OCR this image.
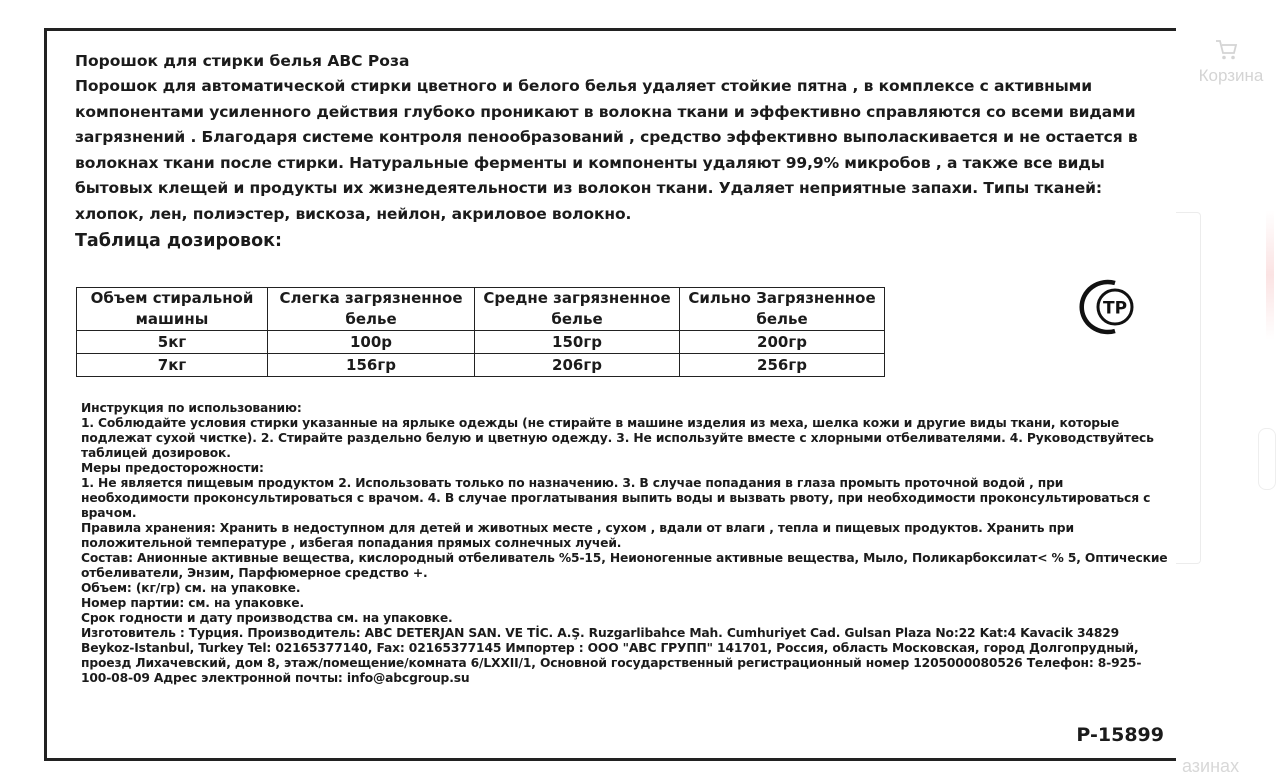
Корзина
азинах
Порошок для стирки белья ABC Роза
Порошок для автоматической стирки цветного и белого белья удаляет стойкие пятна , в комплексе с активными компонентами усиленного действия глубоко проникают в волокна ткани и эффективно справляются со всеми видами загрязнений . Благодаря системе контроля пенообразований , средство эффективно выполаскивается и не остается в волокнах ткани после стирки. Натуральные ферменты и компоненты удаляют 99,9% микробов , а также все виды бытовых клещей и продукты их жизнедеятельности из волокон ткани. Удаляет неприятные запахи. Типы тканей: хлопок, лен, полиэстер, вискоза, нейлон, акриловое волокно.
Таблица дозировок:
Объем стиральной машины	Слегка загрязненное белье	Средне загрязненное белье	Сильно Загрязненное белье
5кг	100р	150гр	200гр
7кг	156гр	206гр	256гр
ТР
Инструкция по использованию:
1. Соблюдайте условия стирки указанные на ярлыке одежды (не стирайте в машине изделия из меха, шелка кожи и другие виды ткани, которые подлежат сухой чистке). 2. Стирайте раздельно белую и цветную одежду. 3. Не используйте вместе с хлорными отбеливателями. 4. Руководствуйтесь таблицей дозировок.
Меры предосторожности:
1. Не является пищевым продуктом 2. Использовать только по назначению. 3. В случае попадания в глаза промыть проточной водой , при необходимости проконсультироваться с врачом. 4. В случае проглатывания выпить воды и вызвать рвоту, при необходимости проконсультироваться с врачом.
Правила хранения: Хранить в недоступном для детей и животных месте , сухом , вдали от влаги , тепла и пищевых продуктов. Хранить при положительной температуре , избегая попадания прямых солнечных лучей.
Состав: Анионные активные вещества, кислородный отбеливатель %5-15, Неионогенные активные вещества, Мыло, Поликарбоксилат< % 5, Оптические отбеливатели, Энзим, Парфюмерное средство +.
Объем: (кг/гр) см. на упаковке.
Номер партии: см. на упаковке.
Срок годности и дату производства см. на упаковке.
Изготовитель : Турция. Производитель: ABC DETERJAN SAN. VE TİC. A.Ş. Ruzgarlibahce Mah. Cumhuriyet Cad. Gulsan Plaza No:22 Kat:4 Kavacik 34829 Beykoz-Istanbul, Turkey Tel: 02165377140, Fax: 02165377145 Импортер : ООО "АВС ГРУПП" 141701, Россия, область Московская, город Долгопрудный, проезд Лихачевский, дом 8, этаж/помещение/комната 6/LXXII/1, Основной государственный регистрационный номер 1205000080526 Телефон: 8-925-100-08-09 Адрес электронной почты: info@abcgroup.su
P-15899
